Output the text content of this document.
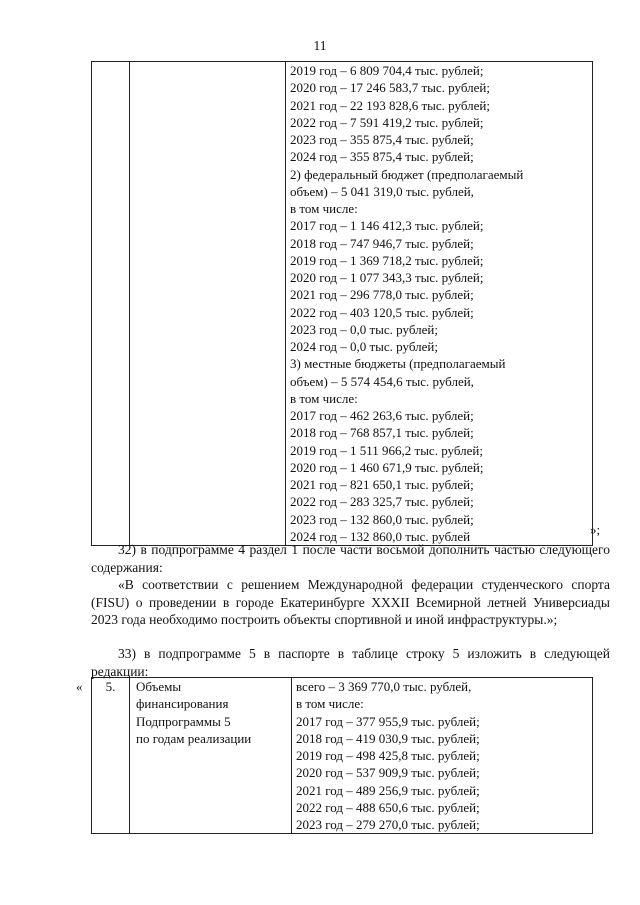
11

2019 год – 6 809 704,4 тыс. рублей;
2020 год – 17 246 583,7 тыс. рублей;
2021 год – 22 193 828,6 тыс. рублей;
2022 год – 7 591 419,2 тыс. рублей;
2023 год – 355 875,4 тыс. рублей;
2024 год – 355 875,4 тыс. рублей;
2) федеральный бюджет (предполагаемый
объем) – 5 041 319,0 тыс. рублей,
в том числе:
2017 год – 1 146 412,3 тыс. рублей;
2018 год – 747 946,7 тыс. рублей;
2019 год – 1 369 718,2 тыс. рублей;
2020 год – 1 077 343,3 тыс. рублей;
2021 год – 296 778,0 тыс. рублей;
2022 год – 403 120,5 тыс. рублей;
2023 год – 0,0 тыс. рублей;
2024 год – 0,0 тыс. рублей;
3) местные бюджеты (предполагаемый
объем) – 5 574 454,6 тыс. рублей,
в том числе:
2017 год – 462 263,6 тыс. рублей;
2018 год – 768 857,1 тыс. рублей;
2019 год – 1 511 966,2 тыс. рублей;
2020 год – 1 460 671,9 тыс. рублей;
2021 год – 821 650,1 тыс. рублей;
2022 год – 283 325,7 тыс. рублей;
2023 год – 132 860,0 тыс. рублей;
2024 год – 132 860,0 тыс. рублей	»;

32) в подпрограмме 4 раздел 1 после части восьмой дополнить частью следующего содержания:

«В соответствии с решением Международной федерации студенческого спорта (FISU) о проведении в городе Екатеринбурге XXXII Всемирной летней Универсиады 2023 года необходимо построить объекты спортивной и иной инфраструктуры.»;

33) в подпрограмме 5 в паспорте в таблице строку 5 изложить в следующей редакции:

«	5.	Объемы
финансирования
Подпрограммы 5
по годам реализации

всего – 3 369 770,0 тыс. рублей,
в том числе:
2017 год – 377 955,9 тыс. рублей;
2018 год – 419 030,9 тыс. рублей;
2019 год – 498 425,8 тыс. рублей;
2020 год – 537 909,9 тыс. рублей;
2021 год – 489 256,9 тыс. рублей;
2022 год – 488 650,6 тыс. рублей;
2023 год – 279 270,0 тыс. рублей;
